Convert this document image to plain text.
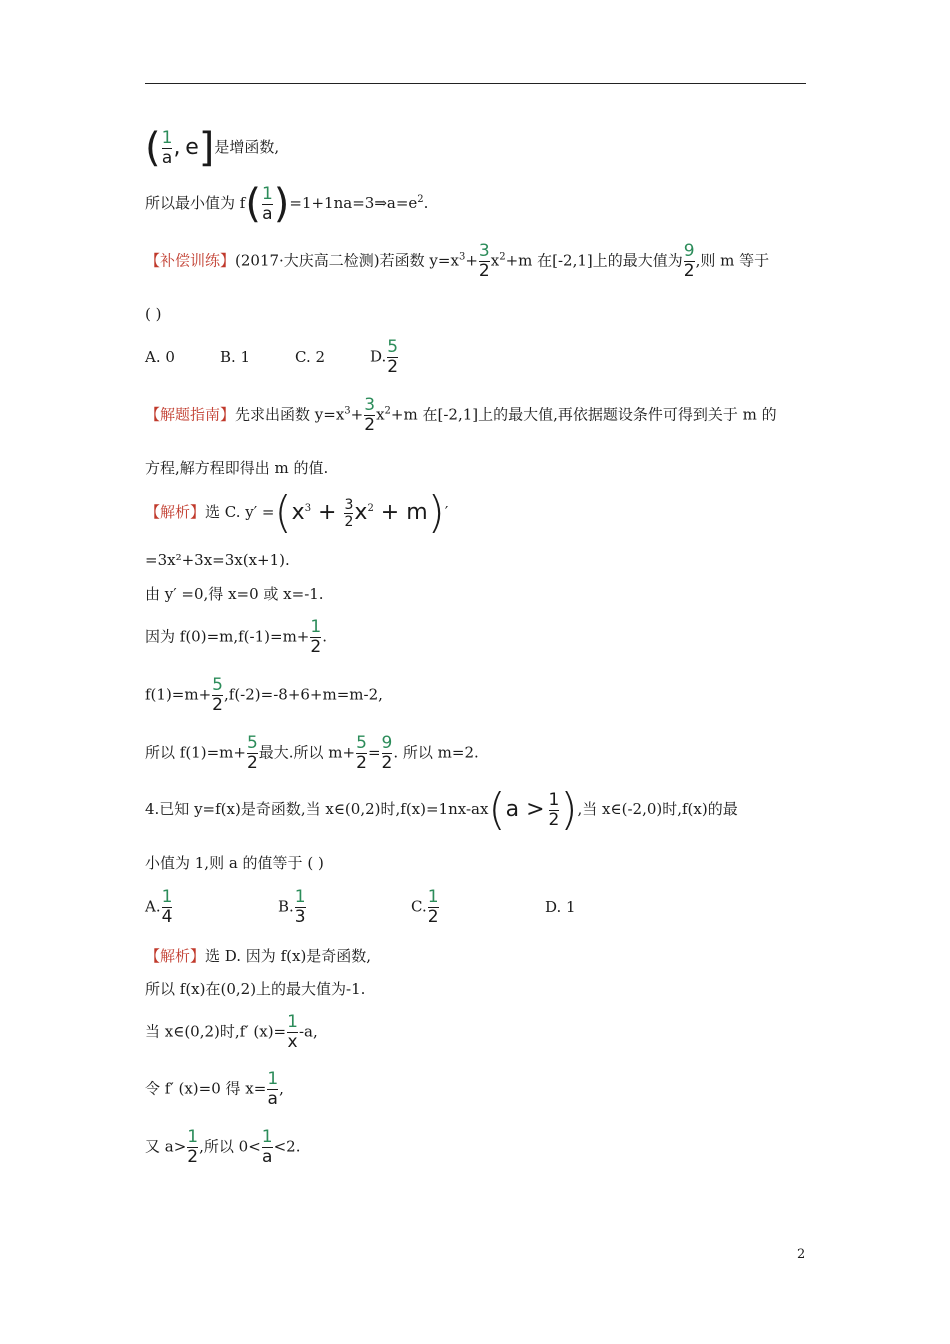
( $\frac{1}{a}$ , e]是增函数,
所以最小值为 $f( \frac{1}{a}$ )$=1+1na=3\Rightarrow a=e^2$.
【补偿训练】(2017·大庆高二检测)若函数 $y=x^3+ \frac{3}{2} x^2+m$ 在[-2,1]上的最大值为 $\frac{9}{2}$ ,则 m 等于
( )
A. 0	B. 1	C. 2	D. $\frac{5}{2}$
【解题指南】先求出函数 $y=x^3+ \frac{3}{2} x^2+m$ 在[-2,1]上的最大值,再依据题设条件可得到关于 m 的
方程,解方程即得出 m 的值.
【解析】选 C. $y' =(x^3 + \frac{3}{2} x^2 + m)'$
=3x²+3x=3x(x+1).
由 y′ =0,得 x=0 或 x=-1.
因为 $f(0)=m,f(-1)=m+ \frac{1}{2}$ .
$f(1)=m+ \frac{5}{2} ,f(-2)=-8+6+m=m-2$,
所以 $f(1)=m+ \frac{5}{2}$ 最大.所以 $m+ \frac{5}{2} = \frac{9}{2}$ . 所以 m=2.
4.已知 y=f(x)是奇函数,当 x∈(0,2)时$,f(x)=1nx-ax(a > \frac{1}{2}$ ),当 x∈(-2,0)时,f(x)的最
小值为 1,则 a 的值等于 ( )
A. $\frac{1}{4}$	B. $\frac{1}{3}$	C. $\frac{1}{2}$	D. 1
【解析】选 D. 因为 f(x)是奇函数,
所以 f(x)在(0,2)上的最大值为-1.
当 x∈(0,2)时,f′ $(x)= \frac{1}{x} -a$,
令 f′ (x)=0 得 $x= \frac{1}{a}$ ,
又 $a> \frac{1}{2}$ ,所以 $0< \frac{1}{a} <2$.
2
